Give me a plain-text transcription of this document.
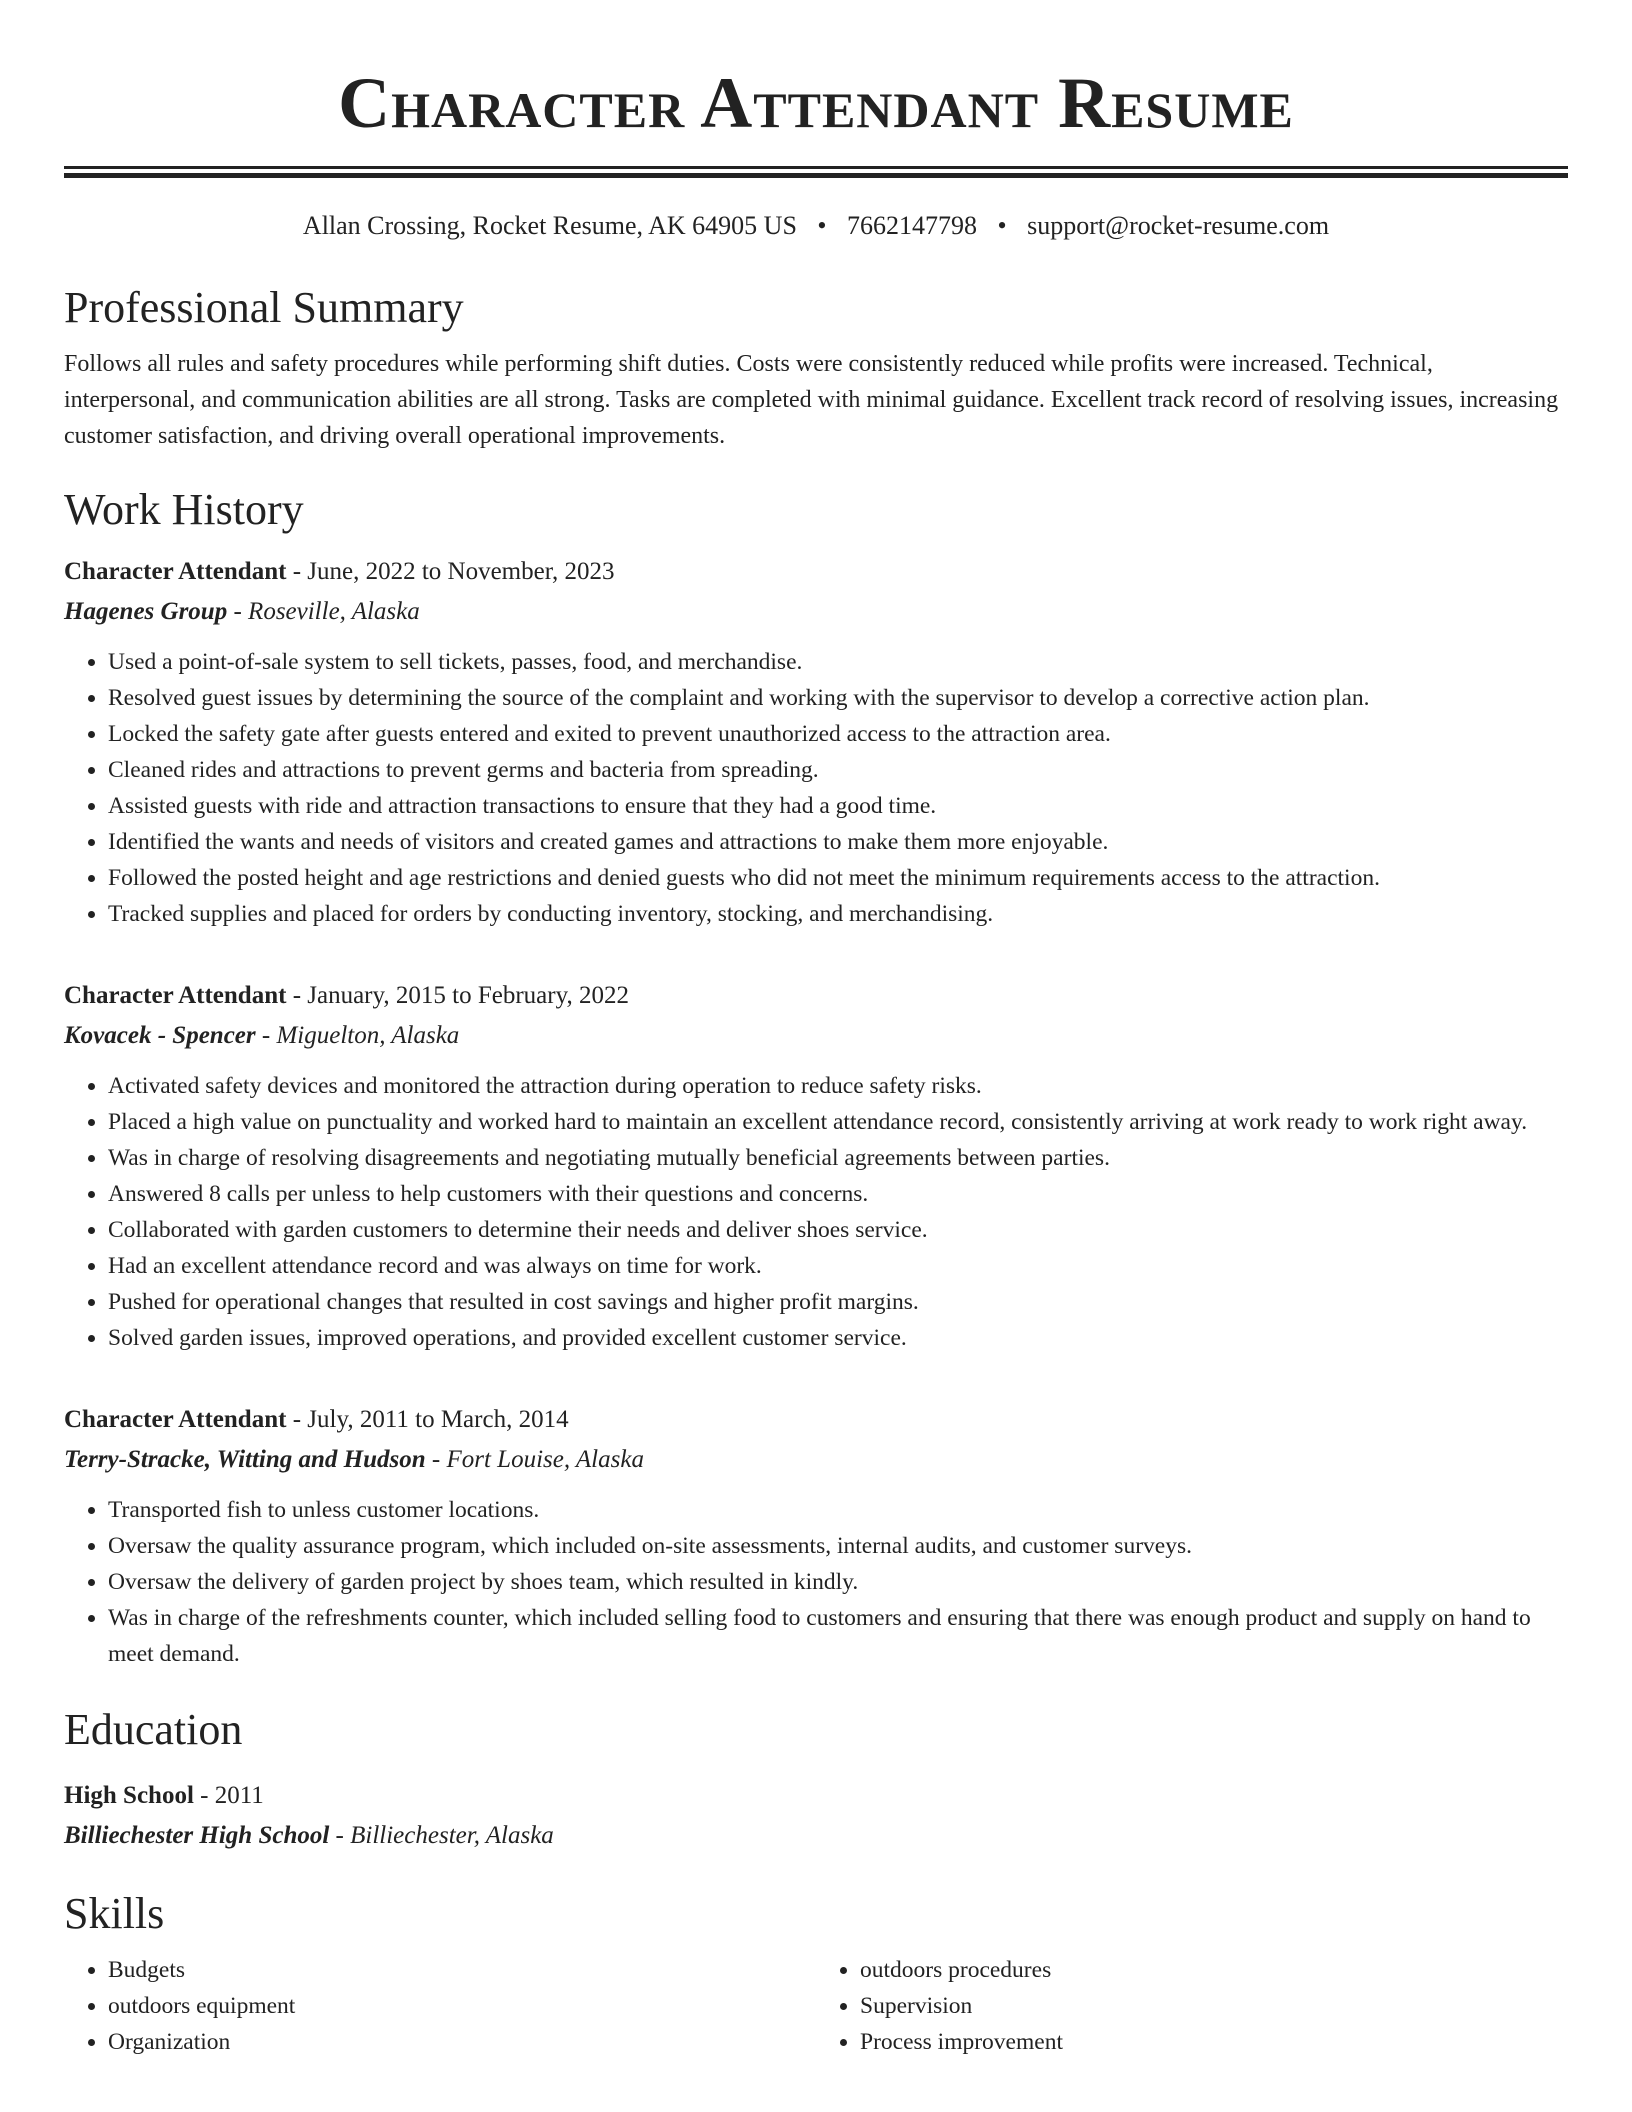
Character Attendant Resume
Allan Crossing, Rocket Resume, AK 64905 US • 7662147798 • support@rocket-resume.com
Professional Summary

Follows all rules and safety procedures while performing shift duties. Costs were consistently reduced while profits were increased. Technical, interpersonal, and communication abilities are all strong. Tasks are completed with minimal guidance. Excellent track record of resolving issues, increasing customer satisfaction, and driving overall operational improvements.

Work History
Character Attendant - June, 2022 to November, 2023
Hagenes Group - Roseville, Alaska
• Used a point-of-sale system to sell tickets, passes, food, and merchandise.
• Resolved guest issues by determining the source of the complaint and working with the supervisor to develop a corrective action plan.
• Locked the safety gate after guests entered and exited to prevent unauthorized access to the attraction area.
• Cleaned rides and attractions to prevent germs and bacteria from spreading.
• Assisted guests with ride and attraction transactions to ensure that they had a good time.
• Identified the wants and needs of visitors and created games and attractions to make them more enjoyable.
• Followed the posted height and age restrictions and denied guests who did not meet the minimum requirements access to the attraction.
• Tracked supplies and placed for orders by conducting inventory, stocking, and merchandising.
Character Attendant - January, 2015 to February, 2022
Kovacek - Spencer - Miguelton, Alaska
• Activated safety devices and monitored the attraction during operation to reduce safety risks.
• Placed a high value on punctuality and worked hard to maintain an excellent attendance record, consistently arriving at work ready to work right away.
• Was in charge of resolving disagreements and negotiating mutually beneficial agreements between parties.
• Answered 8 calls per unless to help customers with their questions and concerns.
• Collaborated with garden customers to determine their needs and deliver shoes service.
• Had an excellent attendance record and was always on time for work.
• Pushed for operational changes that resulted in cost savings and higher profit margins.
• Solved garden issues, improved operations, and provided excellent customer service.
Character Attendant - July, 2011 to March, 2014
Terry-Stracke, Witting and Hudson - Fort Louise, Alaska
• Transported fish to unless customer locations.
• Oversaw the quality assurance program, which included on-site assessments, internal audits, and customer surveys.
• Oversaw the delivery of garden project by shoes team, which resulted in kindly.
• Was in charge of the refreshments counter, which included selling food to customers and ensuring that there was enough product and supply on hand to meet demand.
Education
High School - 2011
Billiechester High School - Billiechester, Alaska
Skills
• Budgets
• outdoors equipment
• Organization
• outdoors procedures
• Supervision
• Process improvement
